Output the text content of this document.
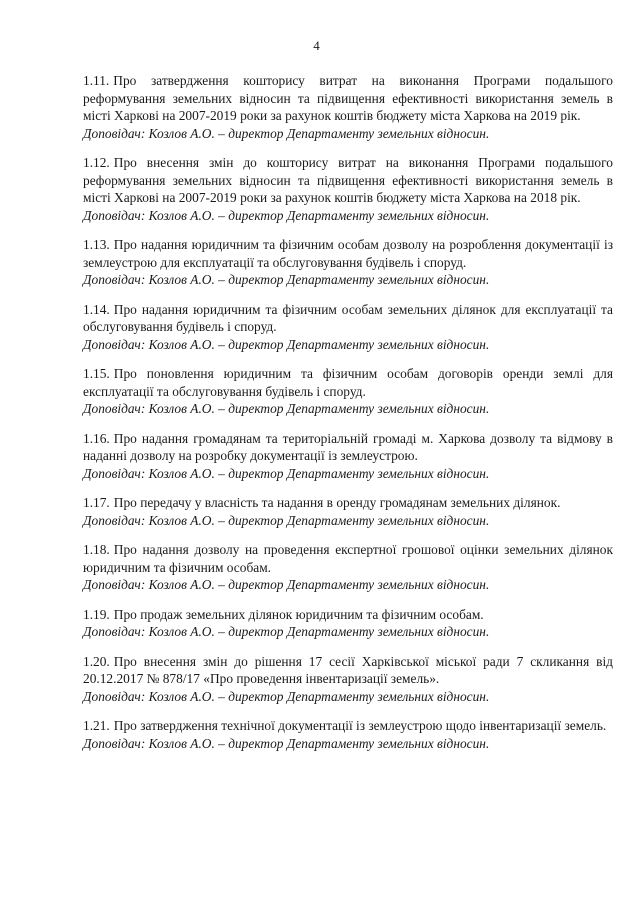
4

1.11. Про затвердження кошторису витрат на виконання Програми подальшого реформування земельних відносин та підвищення ефективності використання земель в місті Харкові на 2007-2019 роки за рахунок коштів бюджету міста Харкова на 2019 рік.

Доповідач: Козлов А.О. – директор Департаменту земельних відносин.

1.12. Про внесення змін до кошторису витрат на виконання Програми подальшого реформування земельних відносин та підвищення ефективності використання земель в місті Харкові на 2007-2019 роки за рахунок коштів бюджету міста Харкова на 2018 рік.

Доповідач: Козлов А.О. – директор Департаменту земельних відносин.

1.13. Про надання юридичним та фізичним особам дозволу на розроблення документації із землеустрою для експлуатації та обслуговування будівель і споруд.

Доповідач: Козлов А.О. – директор Департаменту земельних відносин.

1.14. Про надання юридичним та фізичним особам земельних ділянок для експлуатації та обслуговування будівель і споруд.

Доповідач: Козлов А.О. – директор Департаменту земельних відносин.

1.15. Про поновлення юридичним та фізичним особам договорів оренди землі для експлуатації та обслуговування будівель і споруд.

Доповідач: Козлов А.О. – директор Департаменту земельних відносин.

1.16. Про надання громадянам та територіальній громаді м. Харкова дозволу та відмову в наданні дозволу на розробку документації із землеустрою.

Доповідач: Козлов А.О. – директор Департаменту земельних відносин.

1.17. Про передачу у власність та надання в оренду громадянам земельних ділянок.

Доповідач: Козлов А.О. – директор Департаменту земельних відносин.

1.18. Про надання дозволу на проведення експертної грошової оцінки земельних ділянок юридичним та фізичним особам.

Доповідач: Козлов А.О. – директор Департаменту земельних відносин.

1.19. Про продаж земельних ділянок юридичним та фізичним особам.

Доповідач: Козлов А.О. – директор Департаменту земельних відносин.

1.20. Про внесення змін до рішення 17 сесії Харківської міської ради 7 скликання від 20.12.2017 № 878/17 «Про проведення інвентаризації земель».

Доповідач: Козлов А.О. – директор Департаменту земельних відносин.

1.21. Про затвердження технічної документації із землеустрою щодо інвентаризації земель.

Доповідач: Козлов А.О. – директор Департаменту земельних відносин.
